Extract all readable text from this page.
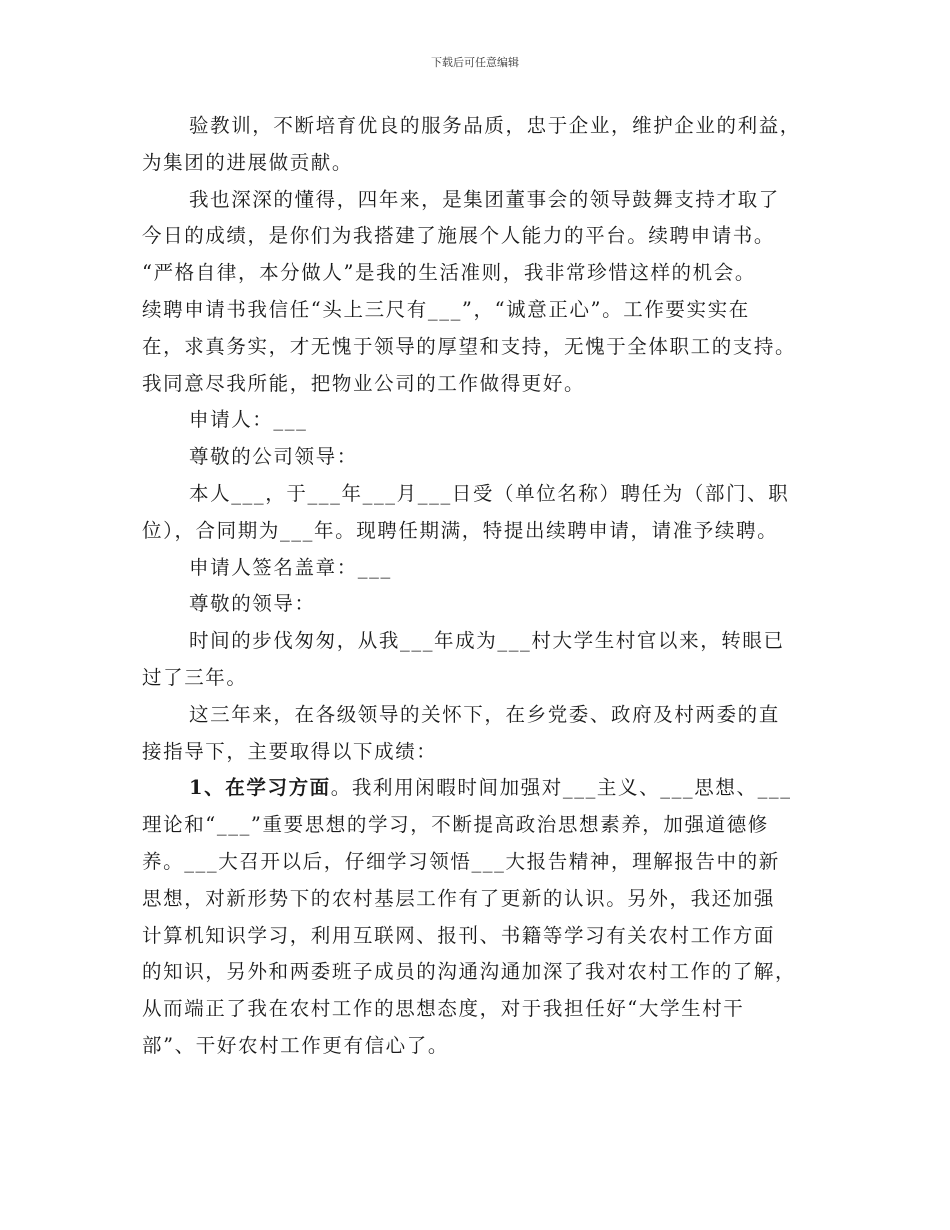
下载后可任意编辑
验教训，不断培育优良的服务品质，忠于企业，维护企业的利益，
为集团的进展做贡献。
我也深深的懂得，四年来，是集团董事会的领导鼓舞支持才取了
今日的成绩，是你们为我搭建了施展个人能力的平台。续聘申请书。
“严格自律，本分做人”是我的生活准则，我非常珍惜这样的机会。
续聘申请书我信任“头上三尺有___”，“诚意正心”。工作要实实在
在，求真务实，才无愧于领导的厚望和支持，无愧于全体职工的支持。
我同意尽我所能，把物业公司的工作做得更好。
申请人：___
尊敬的公司领导：
本人___，于___年___月___日受（单位名称）聘任为（部门、职
位），合同期为___年。现聘任期满，特提出续聘申请，请准予续聘。
申请人签名盖章：___
尊敬的领导：
时间的步伐匆匆，从我___年成为___村大学生村官以来，转眼已
过了三年。
这三年来，在各级领导的关怀下，在乡党委、政府及村两委的直
接指导下，主要取得以下成绩：
1、在学习方面。我利用闲暇时间加强对___主义、___思想、___
理论和“___”重要思想的学习，不断提高政治思想素养，加强道德修
养。___大召开以后，仔细学习领悟___大报告精神，理解报告中的新
思想，对新形势下的农村基层工作有了更新的认识。另外，我还加强
计算机知识学习，利用互联网、报刊、书籍等学习有关农村工作方面
的知识，另外和两委班子成员的沟通沟通加深了我对农村工作的了解，
从而端正了我在农村工作的思想态度，对于我担任好“大学生村干
部”、干好农村工作更有信心了。
